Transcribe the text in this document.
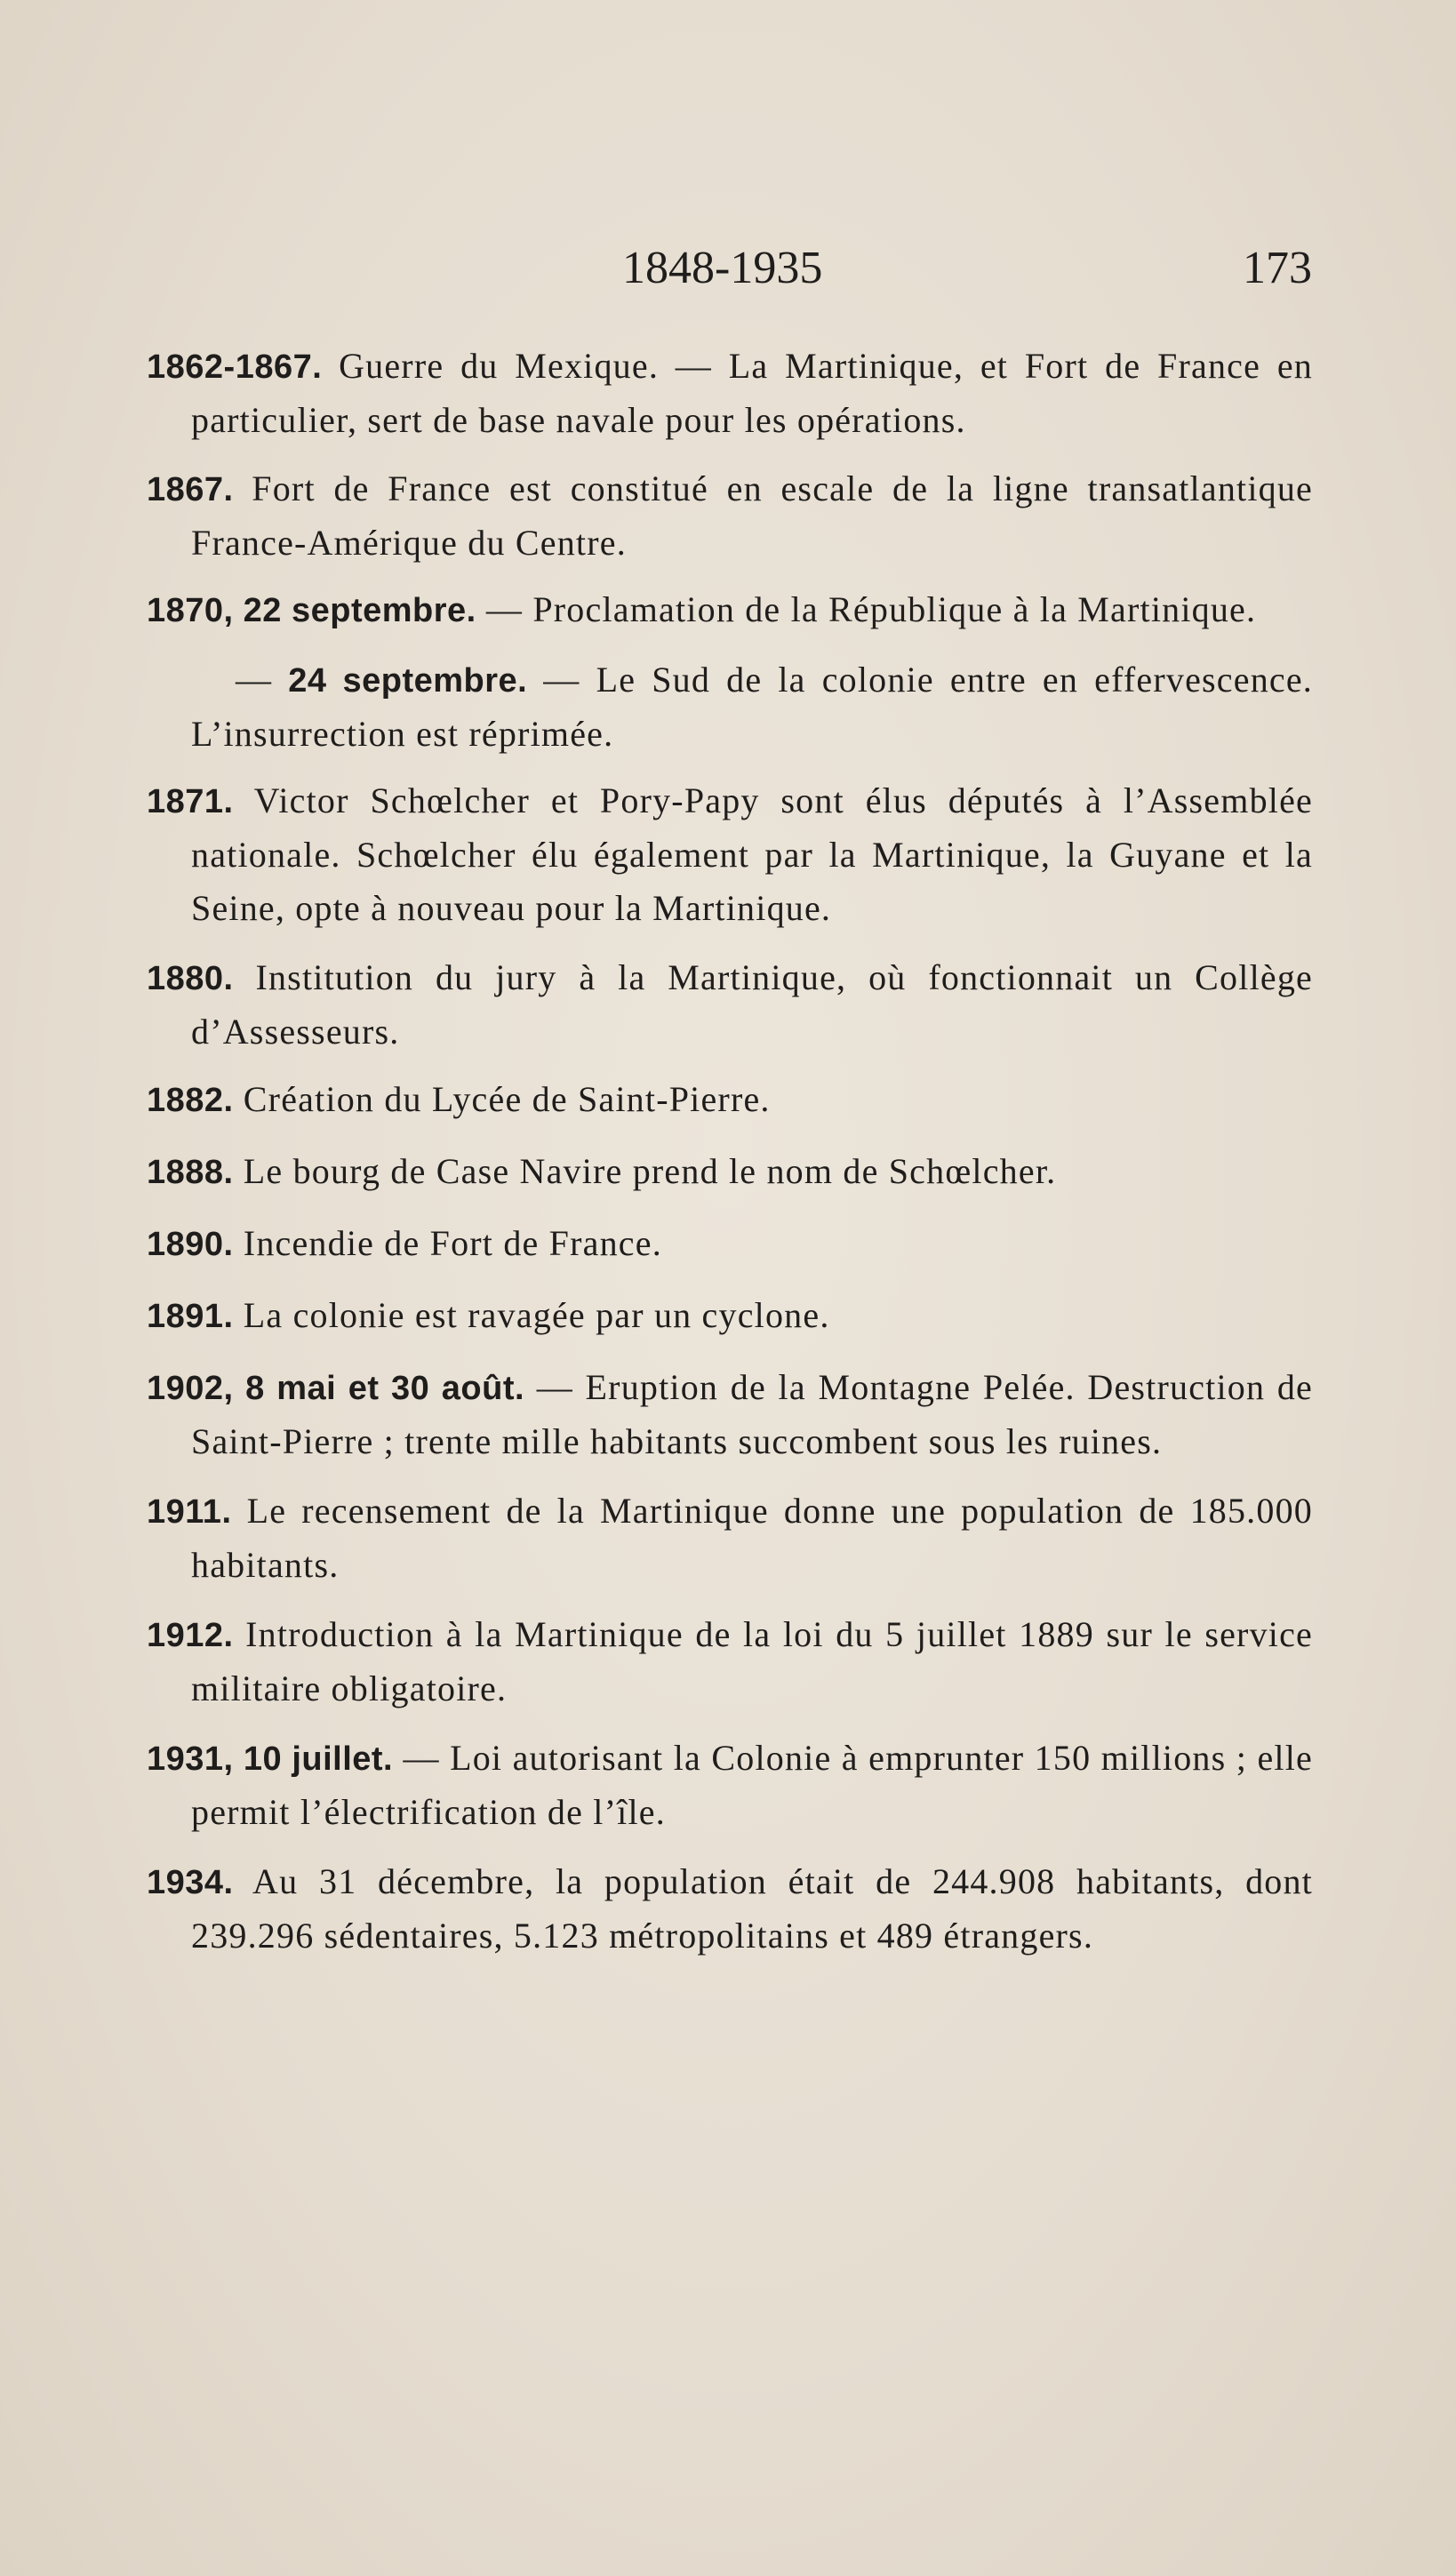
1848-1935	173

1862-1867. Guerre du Mexique. — La Martinique, et Fort de France en particulier, sert de base navale pour les opérations.

1867. Fort de France est constitué en escale de la ligne transatlantique France-Amérique du Centre.

1870, 22 septembre. — Proclamation de la République à la Martinique.

— 24 septembre. — Le Sud de la colonie entre en effervescence. L’insurrection est réprimée.

1871. Victor Schœlcher et Pory-Papy sont élus députés à l’Assemblée nationale. Schœlcher élu également par la Martinique, la Guyane et la Seine, opte à nouveau pour la Martinique.

1880. Institution du jury à la Martinique, où fonctionnait un Collège d’Assesseurs.

1882. Création du Lycée de Saint-Pierre.

1888. Le bourg de Case Navire prend le nom de Schœlcher.

1890. Incendie de Fort de France.

1891. La colonie est ravagée par un cyclone.

1902, 8 mai et 30 août. — Eruption de la Montagne Pelée. Destruction de Saint-Pierre ; trente mille habitants succombent sous les ruines.

1911. Le recensement de la Martinique donne une population de 185.000 habitants.

1912. Introduction à la Martinique de la loi du 5 juillet 1889 sur le service militaire obligatoire.

1931, 10 juillet. — Loi autorisant la Colonie à emprunter 150 millions ; elle permit l’électrification de l’île.

1934. Au 31 décembre, la population était de 244.908 habitants, dont 239.296 sédentaires, 5.123 métropolitains et 489 étrangers.
